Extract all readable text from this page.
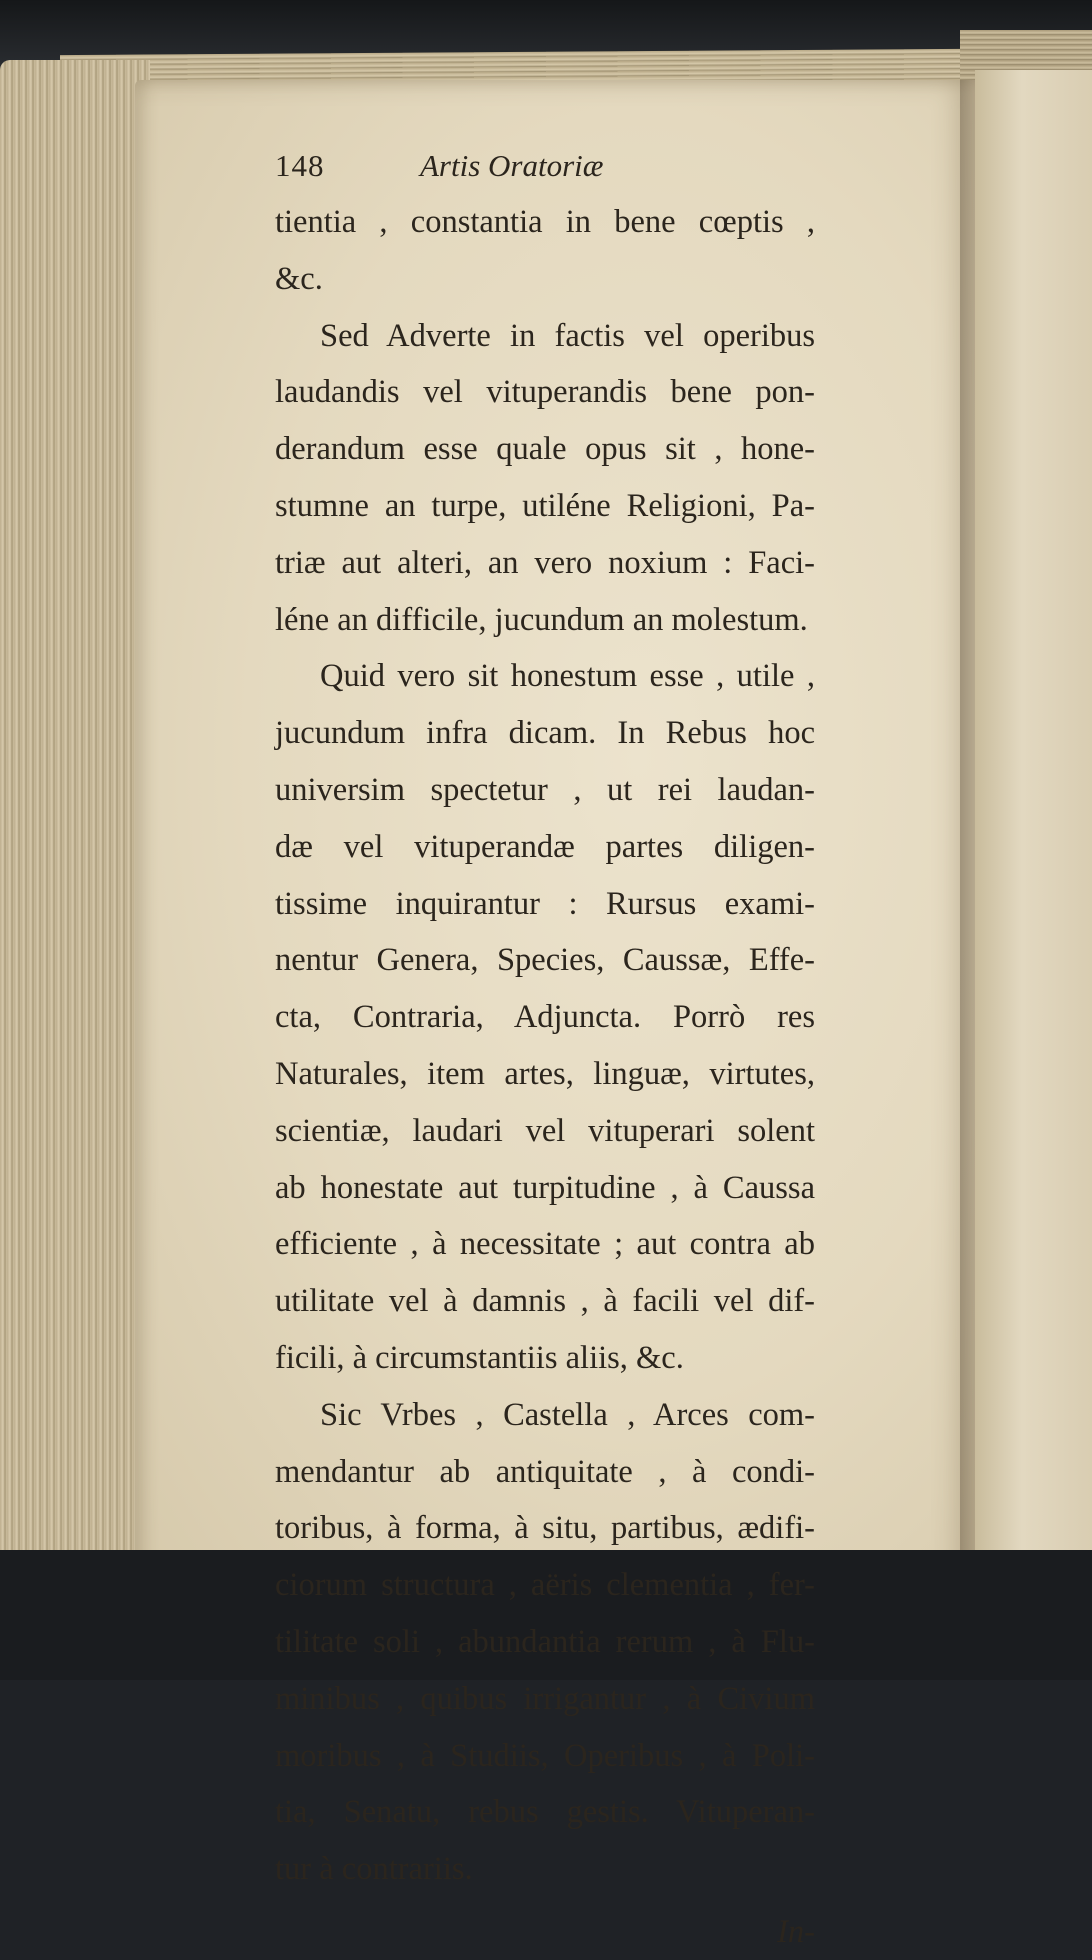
148	Artis Oratoriæ
tientia , constantia in bene cœptis ,
&c.
Sed Adverte in factis vel operibus
laudandis vel vituperandis bene pon-
derandum esse quale opus sit , hone-
stumne an turpe, utiléne Religioni, Pa-
triæ aut alteri, an vero noxium : Faci-
léne an difficile, jucundum an molestum.
Quid vero sit honestum esse , utile ,
jucundum infra dicam. In Rebus hoc
universim spectetur , ut rei laudan-
dæ vel vituperandæ partes diligen-
tissime inquirantur : Rursus exami-
nentur Genera, Species, Caussæ, Effe-
cta, Contraria, Adjuncta. Porrò res
Naturales, item artes, linguæ, virtutes,
scientiæ, laudari vel vituperari solent
ab honestate aut turpitudine , à Caussa
efficiente , à necessitate ; aut contra ab
utilitate vel à damnis , à facili vel dif-
ficili, à circumstantiis aliis, &c.
Sic Vrbes , Castella , Arces com-
mendantur ab antiquitate , à condi-
toribus, à forma, à situ, partibus, ædifi-
ciorum structura , aëris clementia , fer-
tilitate soli , abundantia rerum , à Flu-
minibus , quibus irrigantur , à Civium
moribus , à Studiis, Operibus , à Poli-
tia, Senatu, rebus gestis. Vituperan-
tur à contrariis.
In-
